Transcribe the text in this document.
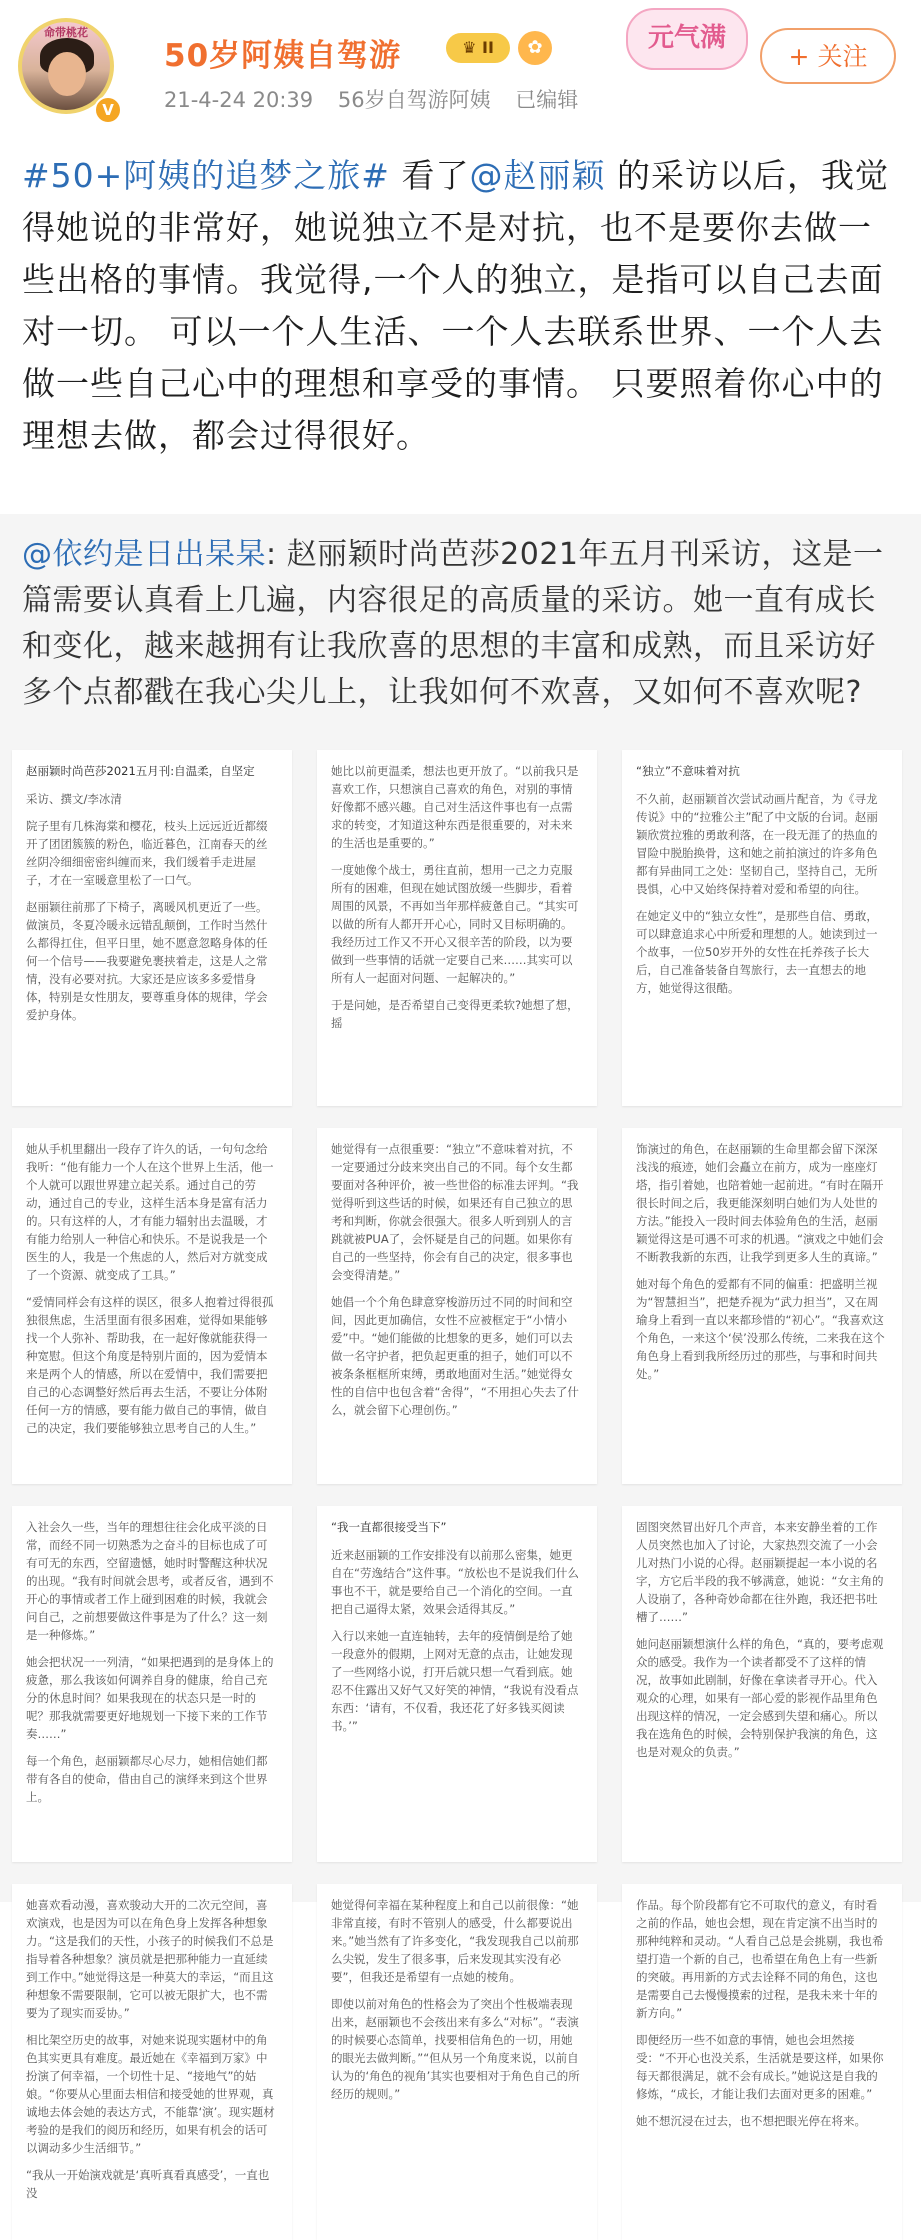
命带桃花
V
50岁阿姨自驾游	♛ II	✿
21-4-24 20:39 56岁自驾游阿姨 已编辑
元气满
+ 关注
#50+阿姨的追梦之旅# 看了@赵丽颖 的采访以后，我觉得她说的非常好，她说独立不是对抗，也不是要你去做一些出格的事情。我觉得,一个人的独立，是指可以自己去面对一切。 可以一个人生活、一个人去联系世界、一个人去做一些自己心中的理想和享受的事情。 只要照着你心中的理想去做，都会过得很好。
@依约是日出杲杲: 赵丽颖时尚芭莎2021年五月刊采访，这是一篇需要认真看上几遍，内容很足的高质量的采访。她一直有成长和变化，越来越拥有让我欣喜的思想的丰富和成熟，而且采访好多个点都戳在我心尖儿上，让我如何不欢喜，又如何不喜欢呢?

赵丽颖时尚芭莎2021五月刊:自温柔，自坚定

采访、撰文/李冰清

院子里有几株海棠和樱花，枝头上远远近近都缀开了团团簇簇的粉色，临近暮色，江南春天的丝丝阴冷细细密密纠缠而来，我们缓着手走进屋子，才在一室暖意里松了一口气。

赵丽颖往前那了下椅子，离暖风机更近了一些。做演员，冬夏冷暖永远错乱颠倒，工作时当然什么都得扛住，但平日里，她不愿意忽略身体的任何一个信号——我要避免裹挟着走，这是人之常情，没有必要对抗。大家还是应该多多爱惜身体，特别是女性朋友，要尊重身体的规律，学会爱护身体。

她比以前更温柔，想法也更开放了。“以前我只是喜欢工作，只想演自己喜欢的角色，对别的事情好像都不感兴趣。自己对生活这件事也有一点需求的转变，才知道这种东西是很重要的，对未来的生活也是重要的。”

一度她像个战士，勇往直前，想用一己之力克服所有的困难，但现在她试图放缓一些脚步，看着周围的风景，不再如当年那样疲惫自己。“其实可以做的所有人都开开心心，同时又目标明确的。我经历过工作又不开心又很辛苦的阶段，以为要做到一些事情的话就一定要自己来……其实可以所有人一起面对问题、一起解决的。”

于是问她，是否希望自己变得更柔软?她想了想，摇

“独立”不意味着对抗

不久前，赵丽颖首次尝试动画片配音，为《寻龙传说》中的“拉雅公主”配了中文版的台词。赵丽颖欣赏拉雅的勇敢利落，在一段无涯了的热血的冒险中脱胎换骨，这和她之前拍演过的许多角色都有异曲同工之处：坚韧自己，坚持自己，无所畏惧，心中又始终保持着对爱和希望的向往。

在她定义中的“独立女性”，是那些自信、勇敢，可以肆意追求心中所爱和理想的人。她读到过一个故事，一位50岁开外的女性在托养孩子长大后，自己准备装备自驾旅行，去一直想去的地方，她觉得这很酷。

她从手机里翻出一段存了许久的话，一句句念给我听：“他有能力一个人在这个世界上生活，他一个人就可以跟世界建立起关系。通过自己的劳动，通过自己的专业，这样生活本身是富有活力的。只有这样的人，才有能力辐射出去温暖，才有能力给别人一种信心和快乐。不是说我是一个医生的人，我是一个焦虑的人，然后对方就变成了一个资源、就变成了工具。”

“爱情同样会有这样的误区，很多人抱着过得很孤独很焦虑，生活里面有很多困难，觉得如果能够找一个人弥补、帮助我，在一起好像就能获得一种宽慰。但这个角度是特别片面的，因为爱情本来是两个人的情感，所以在爱情中，我们需要把自己的心态调整好然后再去生活，不要让分体附任何一方的情感，要有能力做自己的事情，做自己的决定，我们要能够独立思考自己的人生。”

她觉得有一点很重要：“独立”不意味着对抗，不一定要通过分歧来突出自己的不同。每个女生都要面对各种评价，被一些世俗的标准去评判。“我觉得听到这些话的时候，如果还有自己独立的思考和判断，你就会很强大。很多人听到别人的言跳就被PUA了，会怀疑是自己的问题。如果你有自己的一些坚持，你会有自己的决定，很多事也会变得清楚。”

她倡一个个角色肆意穿梭游历过不同的时间和空间，因此更加确信，女性不应被框定于“小情小爱”中。“她们能做的比想象的更多，她们可以去做一名守护者，把负起更重的担子，她们可以不被条条框框所束缚，勇敢地面对生活。”她觉得女性的自信中也包含着“舍得”，“不用担心失去了什么，就会留下心理创伤。”

饰演过的角色，在赵丽颖的生命里都会留下深深浅浅的痕迹，她们会矗立在前方，成为一座座灯塔，指引着她，也陪着她一起前进。“有时在隔开很长时间之后，我更能深刻明白她们为人处世的方法。”能投入一段时间去体验角色的生活，赵丽颖觉得这是可遇不可求的机遇。“演戏之中她们会不断教我新的东西，让我学到更多人生的真谛。”

她对每个角色的爱都有不同的偏重：把盛明兰视为“智慧担当”，把楚乔视为“武力担当”，又在周瑜身上看到一直以来都珍惜的“初心”。“我喜欢这个角色，一来这个‘侯’没那么传统，二来我在这个角色身上看到我所经历过的那些，与事和时间共处。”

入社会久一些，当年的理想往往会化成平淡的日常，而经不同一切熟悉为之奋斗的目标也成了可有可无的东西，空留遗憾，她时时警醒这种状况的出现。“我有时间就会思考，或者反省，遇到不开心的事情或者工作上碰到困难的时候，我就会问自己，之前想要做这件事是为了什么？这一刻是一种修炼。”

她会把状况一一列清，“如果把遇到的是身体上的疲惫，那么我该如何调养自身的健康，给自己充分的休息时间？如果我现在的状态只是一时的呢？那我就需要更好地规划一下接下来的工作节奏……”

每一个角色，赵丽颖都尽心尽力，她相信她们都带有各自的使命，借由自己的演绎来到这个世界上。

“我一直都很接受当下”

近来赵丽颖的工作安排没有以前那么密集，她更自在“劳逸结合”这件事。“放松也不是说我们什么事也不干，就是要给自己一个消化的空间。一直把自己逼得太紧，效果会适得其反。”

入行以来她一直连轴转，去年的疫情倒是给了她一段意外的假期，上网对无意的点击，让她发现了一些网络小说，打开后就只想一气看到底。她忍不住露出又好气又好笑的神情，“我说有没看点东西：‘请有，不仅看，我还花了好多钱买阅读书。’”

固图突然冒出好几个声音，本来安静坐着的工作人员突然也加入了讨论，大家热烈交流了一小会儿对热门小说的心得。赵丽颖提起一本小说的名字，方它后半段的我不够满意，她说：“女主角的人设崩了，各种奇妙命都在往外跑，我还把书吐槽了……”

她问赵丽颖想演什么样的角色，“真的，要考虑观众的感受。我作为一个读者都受不了这样的情况，故事如此剧制，好像在拿读者寻开心。代入观众的心理，如果有一部心爱的影视作品里角色出现这样的情况，一定会感到失望和痛心。所以我在选角色的时候，会特别保护我演的角色，这也是对观众的负责。”

她喜欢看动漫，喜欢骏动大开的二次元空间，喜欢演戏，也是因为可以在角色身上发挥各种想象力。“这是我们的天性，小孩子的时候我们不总是指导着各种想象？演员就是把那种能力一直延续到工作中。”她觉得这是一种莫大的幸运，“而且这种想象不需要限制，它可以被无限扩大，也不需要为了现实而妥协。”

相比架空历史的故事，对她来说现实题材中的角色其实更具有难度。最近她在《幸福到万家》中扮演了何幸福，一个切性十足、“接地气”的姑娘。“你要从心里面去相信和接受她的世界观，真诚地去体会她的表达方式，不能靠‘演’。现实题材考验的是我们的阅历和经历，如果有机会的话可以调动多少生活细节。”

“我从一开始演戏就是‘真听真看真感受’，一直也没

她觉得何幸福在某种程度上和自己以前很像：“她非常直接，有时不管别人的感受，什么都要说出来。”她当然有了许多变化，“我发现我自己以前那么尖锐，发生了很多事，后来发现其实没有必要”，但我还是希望有一点她的棱角。

即使以前对角色的性格会为了突出个性极端表现出来，赵丽颖也不会孩出来有多么“对标”。“表演的时候要心态简单，找要相信角色的一切，用她的眼光去做判断。”“但从另一个角度来说，以前自认为的‘角色的视角’其实也要相对于角色自己的所经历的规则。”

作品。每个阶段都有它不可取代的意义，有时看之前的作品，她也会想，现在肯定演不出当时的那种纯粹和灵动。“人看自己总是会挑剔，我也希望打造一个新的自己，也希望在角色上有一些新的突破。再用新的方式去诠释不同的角色，这也是需要自己去慢慢摸索的过程，是我未来十年的新方向。”

即便经历一些不如意的事情，她也会坦然接受：“不开心也没关系，生活就是要这样，如果你每天都很满足，就不会有成长。”她说这是自我的修炼，“成长，才能让我们去面对更多的困难。”

她不想沉浸在过去，也不想把眼光停在将来。
